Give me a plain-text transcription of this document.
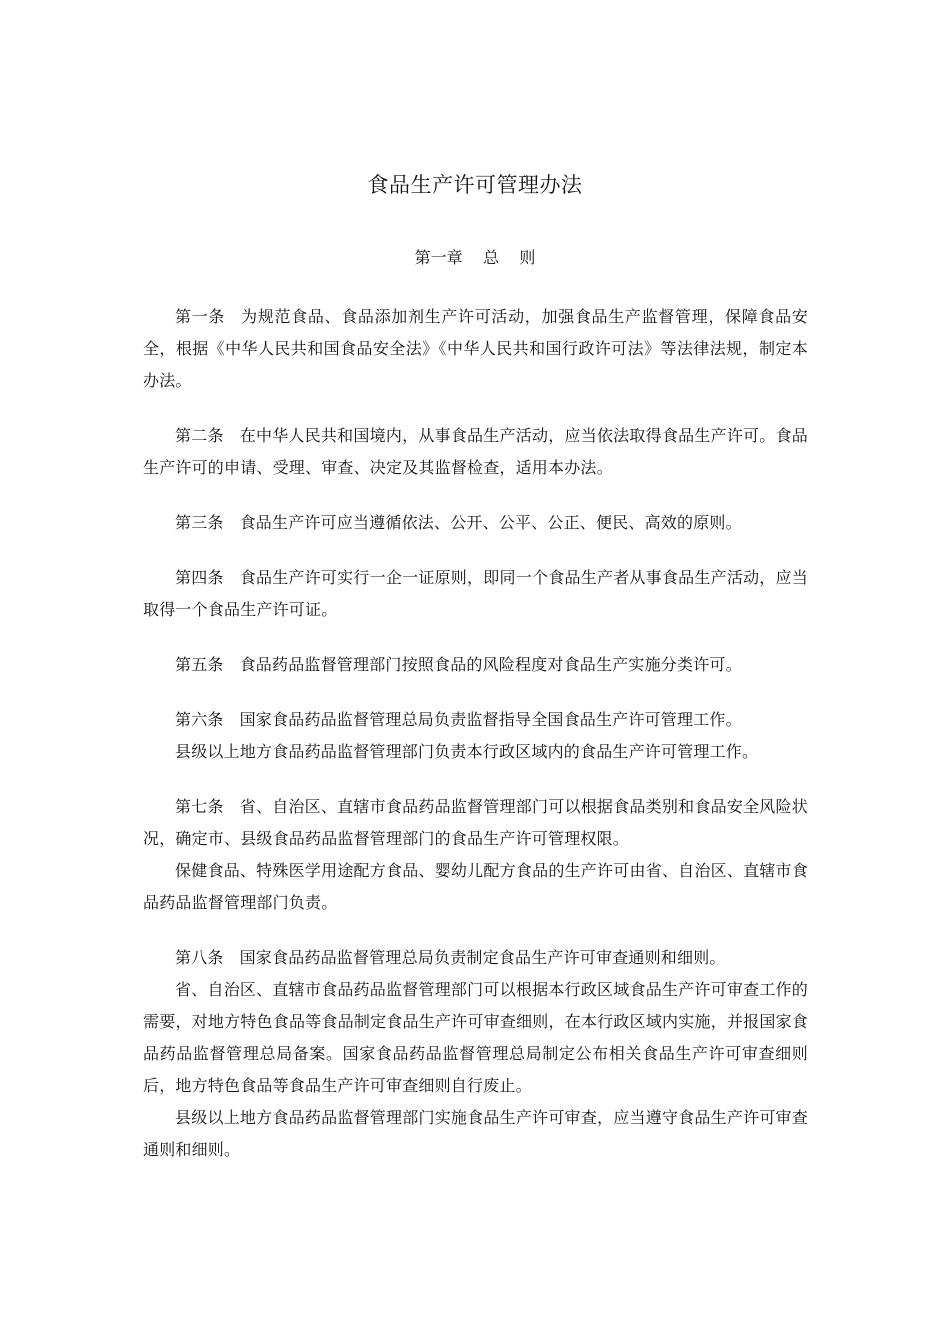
食品生产许可管理办法
第一章    总    则

第一条 为规范食品、食品添加剂生产许可活动，加强食品生产监督管理，保障食品安全，根据《中华人民共和国食品安全法》《中华人民共和国行政许可法》等法律法规，制定本办法。

第二条 在中华人民共和国境内，从事食品生产活动，应当依法取得食品生产许可。食品生产许可的申请、受理、审查、决定及其监督检查，适用本办法。

第三条 食品生产许可应当遵循依法、公开、公平、公正、便民、高效的原则。

第四条 食品生产许可实行一企一证原则，即同一个食品生产者从事食品生产活动，应当取得一个食品生产许可证。

第五条 食品药品监督管理部门按照食品的风险程度对食品生产实施分类许可。

第六条 国家食品药品监督管理总局负责监督指导全国食品生产许可管理工作。

县级以上地方食品药品监督管理部门负责本行政区域内的食品生产许可管理工作。

第七条 省、自治区、直辖市食品药品监督管理部门可以根据食品类别和食品安全风险状况，确定市、县级食品药品监督管理部门的食品生产许可管理权限。

保健食品、特殊医学用途配方食品、婴幼儿配方食品的生产许可由省、自治区、直辖市食品药品监督管理部门负责。

第八条 国家食品药品监督管理总局负责制定食品生产许可审查通则和细则。

省、自治区、直辖市食品药品监督管理部门可以根据本行政区域食品生产许可审查工作的需要，对地方特色食品等食品制定食品生产许可审查细则，在本行政区域内实施，并报国家食品药品监督管理总局备案。国家食品药品监督管理总局制定公布相关食品生产许可审查细则后，地方特色食品等食品生产许可审查细则自行废止。

县级以上地方食品药品监督管理部门实施食品生产许可审查，应当遵守食品生产许可审查通则和细则。
